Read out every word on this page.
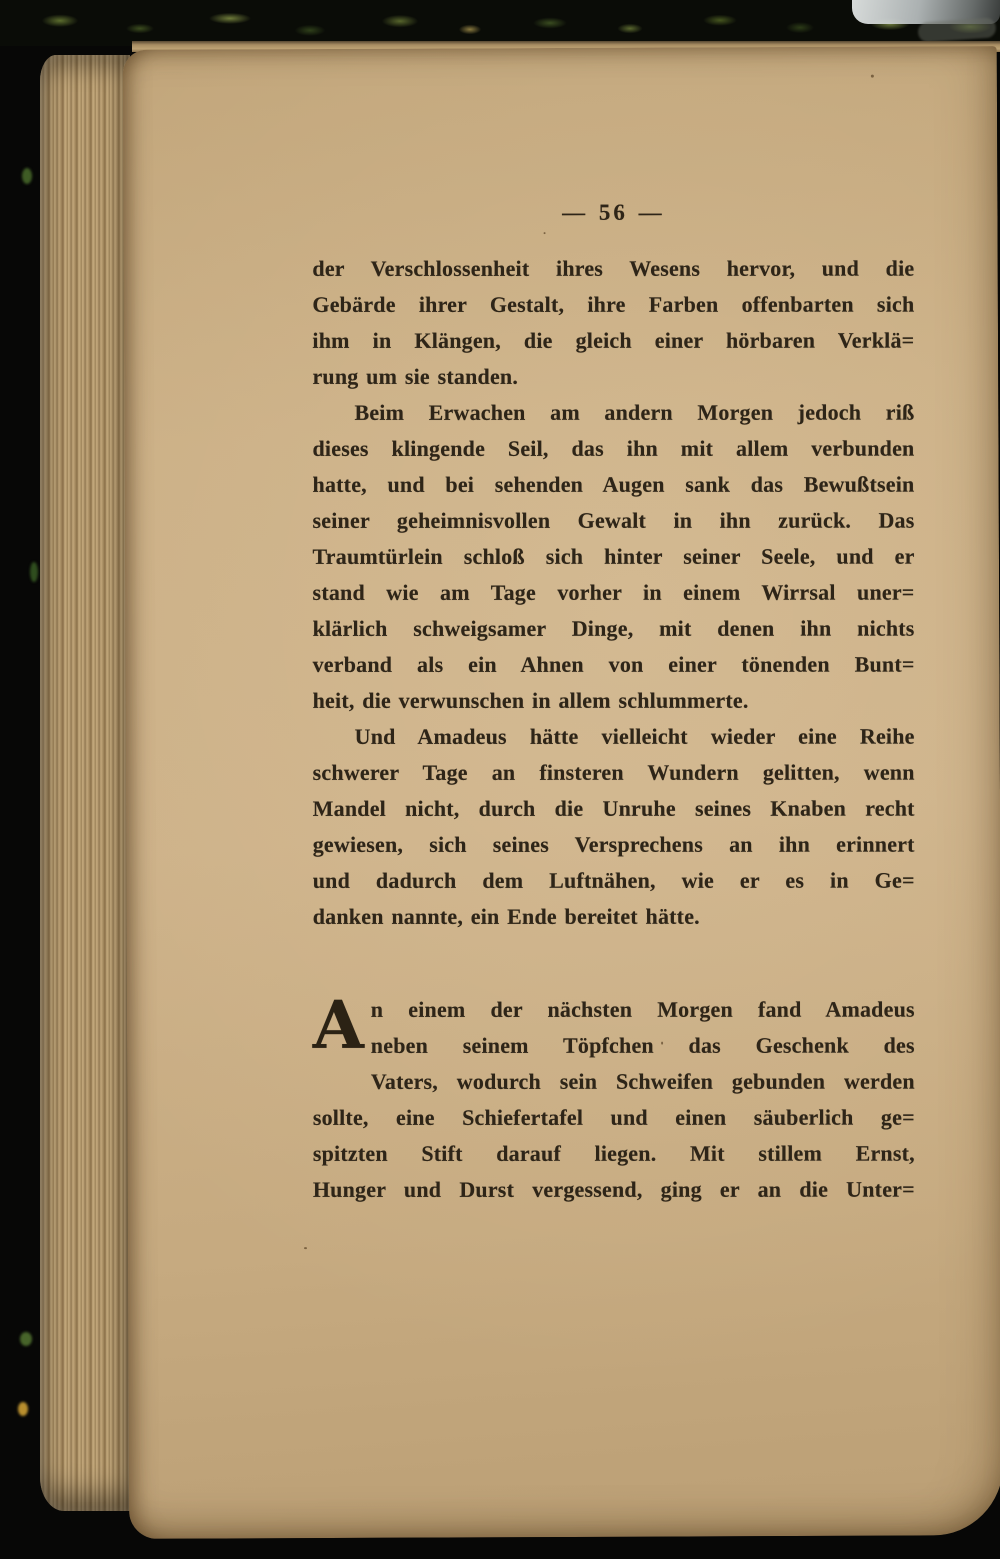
— 56 —
der Verschlossenheit ihres Wesens hervor, und die
Gebärde ihrer Gestalt, ihre Farben offenbarten sich
ihm in Klängen, die gleich einer hörbaren Verklä=
rung um sie standen.
Beim Erwachen am andern Morgen jedoch riß
dieses klingende Seil, das ihn mit allem verbunden
hatte, und bei sehenden Augen sank das Bewußtsein
seiner geheimnisvollen Gewalt in ihn zurück. Das
Traumtürlein schloß sich hinter seiner Seele, und er
stand wie am Tage vorher in einem Wirrsal uner=
klärlich schweigsamer Dinge, mit denen ihn nichts
verband als ein Ahnen von einer tönenden Bunt=
heit, die verwunschen in allem schlummerte.
Und Amadeus hätte vielleicht wieder eine Reihe
schwerer Tage an finsteren Wundern gelitten, wenn
Mandel nicht, durch die Unruhe seines Knaben recht
gewiesen, sich seines Versprechens an ihn erinnert
und dadurch dem Luftnähen, wie er es in Ge=
danken nannte, ein Ende bereitet hätte.
A n einem der nächsten Morgen fand Amadeus
neben seinem Töpfchen das Geschenk des
Vaters, wodurch sein Schweifen gebunden werden
sollte, eine Schiefertafel und einen säuberlich ge=
spitzten Stift darauf liegen. Mit stillem Ernst,
Hunger und Durst vergessend, ging er an die Unter=
